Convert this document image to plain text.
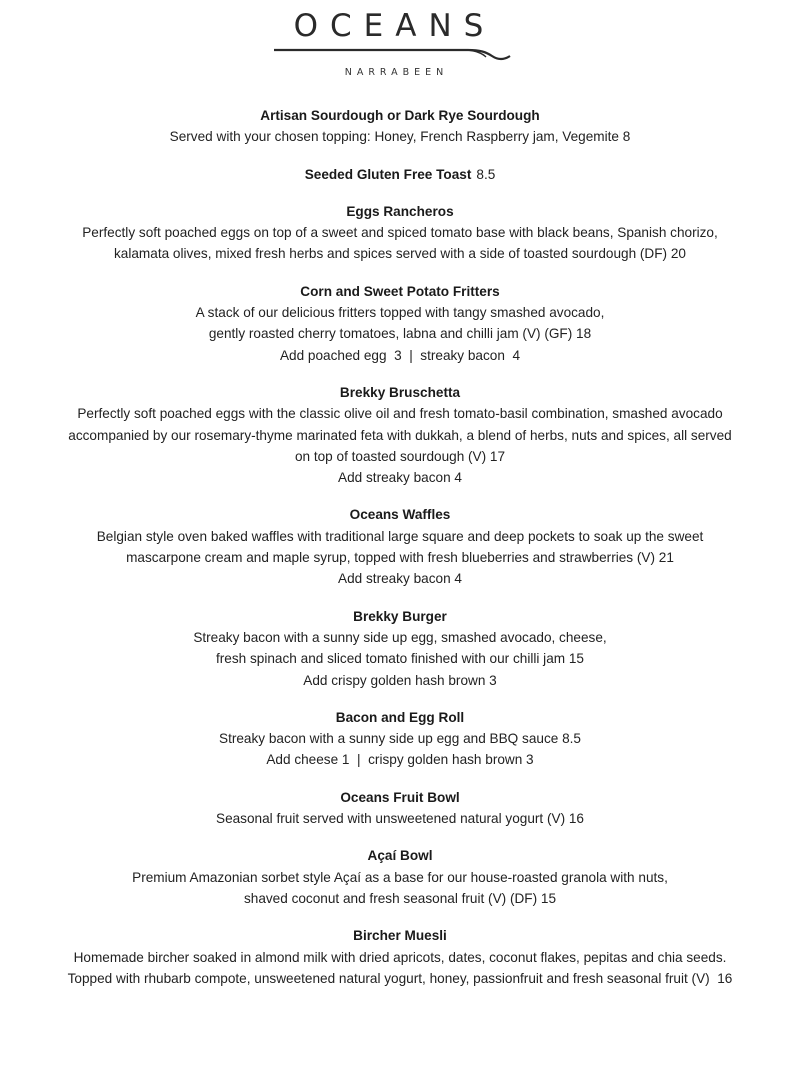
OCEANS
NARRABEEN
Artisan Sourdough or Dark Rye Sourdough
Served with your chosen topping: Honey, French Raspberry jam, Vegemite 8
Seeded Gluten Free Toast 8.5
Eggs Rancheros
Perfectly soft poached eggs on top of a sweet and spiced tomato base with black beans, Spanish chorizo,
kalamata olives, mixed fresh herbs and spices served with a side of toasted sourdough (DF) 20
Corn and Sweet Potato Fritters
A stack of our delicious fritters topped with tangy smashed avocado,
gently roasted cherry tomatoes, labna and chilli jam (V) (GF) 18
Add poached egg  3  |  streaky bacon  4
Brekky Bruschetta
Perfectly soft poached eggs with the classic olive oil and fresh tomato-basil combination, smashed avocado
accompanied by our rosemary-thyme marinated feta with dukkah, a blend of herbs, nuts and spices, all served
on top of toasted sourdough (V) 17
Add streaky bacon 4
Oceans Waffles
Belgian style oven baked waffles with traditional large square and deep pockets to soak up the sweet
mascarpone cream and maple syrup, topped with fresh blueberries and strawberries (V) 21
Add streaky bacon 4
Brekky Burger
Streaky bacon with a sunny side up egg, smashed avocado, cheese,
fresh spinach and sliced tomato finished with our chilli jam 15
Add crispy golden hash brown 3
Bacon and Egg Roll
Streaky bacon with a sunny side up egg and BBQ sauce 8.5
Add cheese 1  |  crispy golden hash brown 3
Oceans Fruit Bowl
Seasonal fruit served with unsweetened natural yogurt (V) 16
Açaí Bowl
Premium Amazonian sorbet style Açaí as a base for our house-roasted granola with nuts,
shaved coconut and fresh seasonal fruit (V) (DF) 15
Bircher Muesli
Homemade bircher soaked in almond milk with dried apricots, dates, coconut flakes, pepitas and chia seeds.
Topped with rhubarb compote, unsweetened natural yogurt, honey, passionfruit and fresh seasonal fruit (V)  16
